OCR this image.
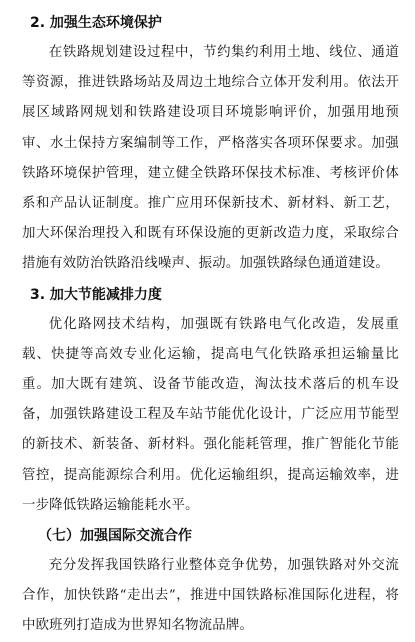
2. 加强生态环境保护
在铁路规划建设过程中，节约集约利用土地、线位、通道等资源，推进铁路场站及周边土地综合立体开发利用。依法开展区域路网规划和铁路建设项目环境影响评价，加强用地预审、水土保持方案编制等工作，严格落实各项环保要求。加强铁路环境保护管理，建立健全铁路环保技术标准、考核评价体系和产品认证制度。推广应用环保新技术、新材料、新工艺，加大环保治理投入和既有环保设施的更新改造力度，采取综合措施有效防治铁路沿线噪声、振动。加强铁路绿色通道建设。
3. 加大节能减排力度
优化路网技术结构，加强既有铁路电气化改造，发展重载、快捷等高效专业化运输，提高电气化铁路承担运输量比重。加大既有建筑、设备节能改造，淘汰技术落后的机车设备，加强铁路建设工程及车站节能优化设计，广泛应用节能型的新技术、新装备、新材料。强化能耗管理，推广智能化节能管控，提高能源综合利用。优化运输组织，提高运输效率，进一步降低铁路运输能耗水平。
（七）加强国际交流合作
充分发挥我国铁路行业整体竞争优势，加强铁路对外交流合作，加快铁路“走出去”，推进中国铁路标准国际化进程，将中欧班列打造成为世界知名物流品牌。
